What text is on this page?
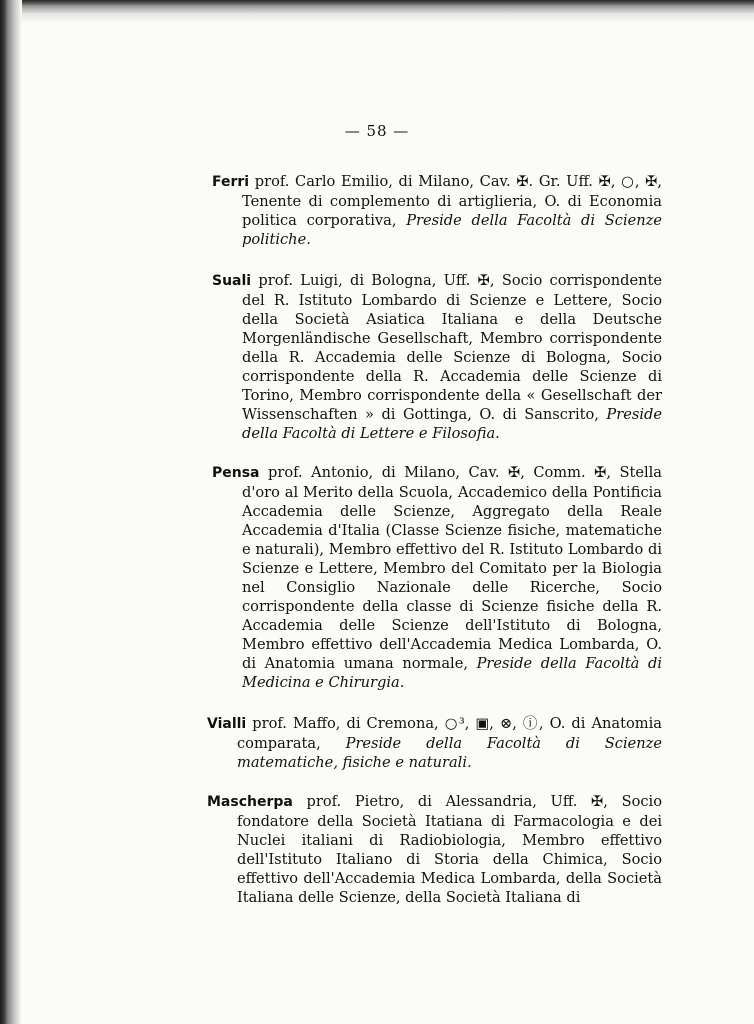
— 58 —

Ferri prof. Carlo Emilio, di Milano, Cav. ✠. Gr. Uff. ✠, ○, ✠, Tenente di complemento di artiglieria, O. di Economia politica corporativa, Preside della Facoltà di Scienze politiche.

Suali prof. Luigi, di Bologna, Uff. ✠, Socio corrispondente del R. Istituto Lombardo di Scienze e Lettere, Socio della Società Asiatica Italiana e della Deutsche Morgenländische Gesellschaft, Membro corrispondente della R. Accademia delle Scienze di Bologna, Socio corrispondente della R. Accademia delle Scienze di Torino, Membro corrispondente della « Gesellschaft der Wissenschaften » di Gottinga, O. di Sanscrito, Preside della Facoltà di Lettere e Filosofia.

Pensa prof. Antonio, di Milano, Cav. ✠, Comm. ✠, Stella d'oro al Merito della Scuola, Accademico della Pontificia Accademia delle Scienze, Aggregato della Reale Accademia d'Italia (Classe Scienze fisiche, matematiche e naturali), Membro effettivo del R. Istituto Lombardo di Scienze e Lettere, Membro del Comitato per la Biologia nel Consiglio Nazionale delle Ricerche, Socio corrispondente della classe di Scienze fisiche della R. Accademia delle Scienze dell'Istituto di Bologna, Membro effettivo dell'Accademia Medica Lombarda, O. di Anatomia umana normale, Preside della Facoltà di Medicina e Chirurgia.

Vialli prof. Maffo, di Cremona, ○³, ▣, ⊗, ⓘ, O. di Anatomia comparata, Preside della Facoltà di Scienze matematiche, fisiche e naturali.

Mascherpa prof. Pietro, di Alessandria, Uff. ✠, Socio fondatore della Società Itatiana di Farmacologia e dei Nuclei italiani di Radiobiologia, Membro effettivo dell'Istituto Italiano di Storia della Chimica, Socio effettivo dell'Accademia Medica Lombarda, della Società Italiana delle Scienze, della Società Italiana di
